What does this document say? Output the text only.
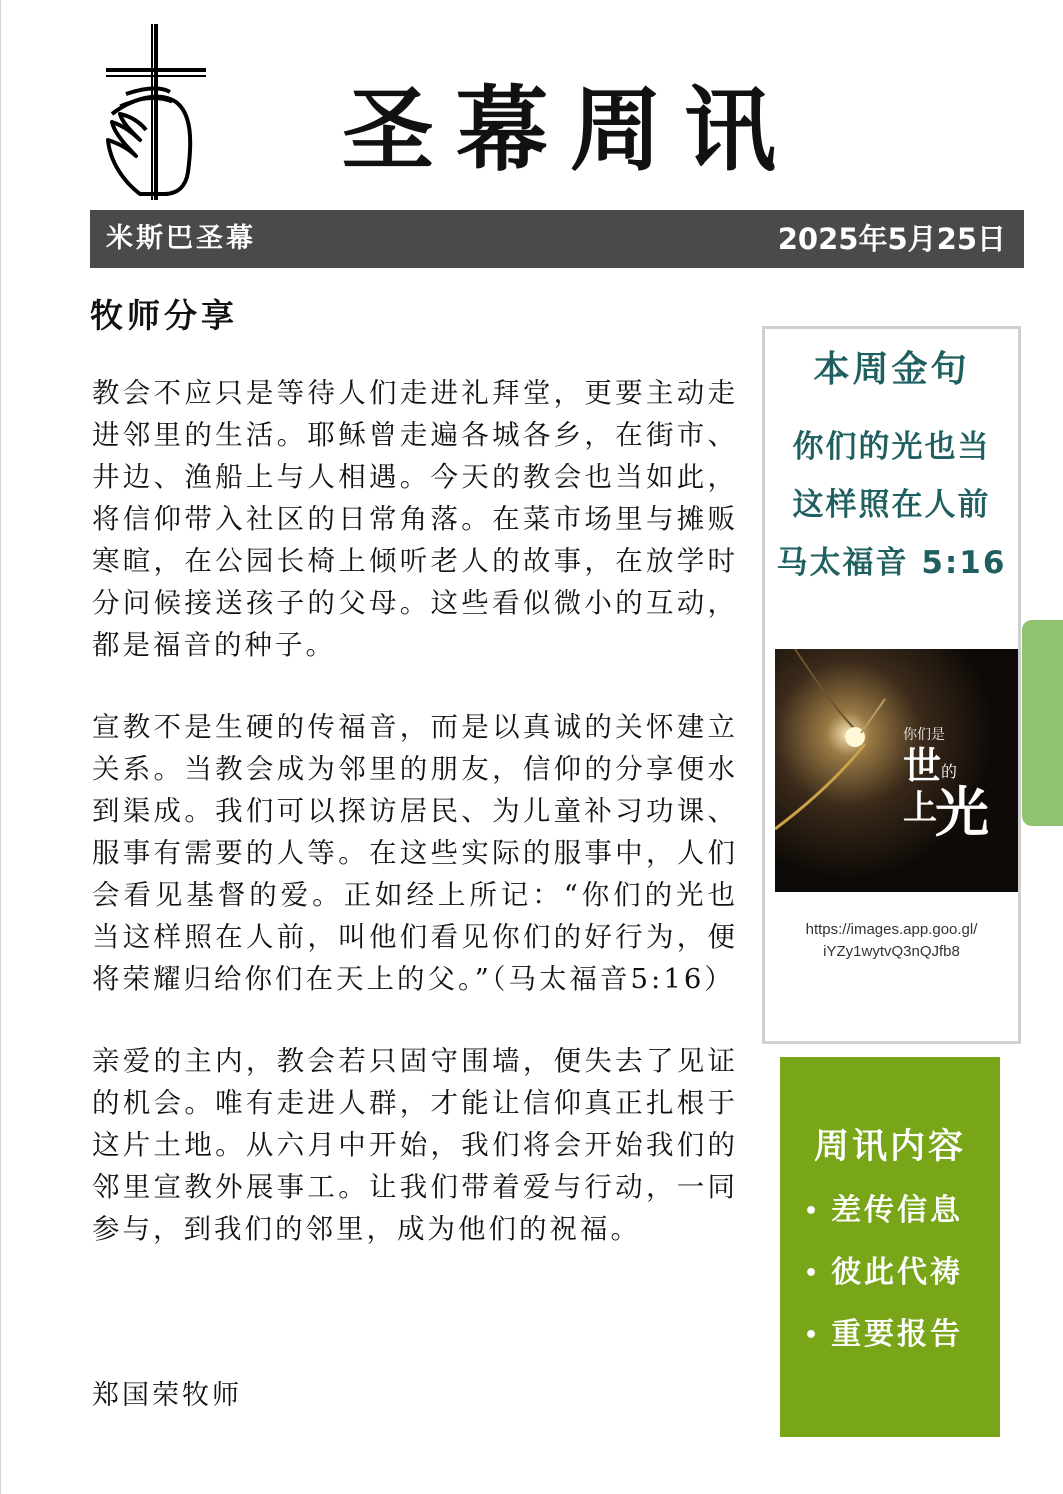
圣幕周讯
米斯巴圣幕	2025年5月25日
牧师分享

教会不应只是等待人们走进礼拜堂，更要主动走进邻里的生活。耶稣曾走遍各城各乡，在街市、井边、渔船上与人相遇。今天的教会也当如此，将信仰带入社区的日常角落。在菜市场里与摊贩寒暄，在公园长椅上倾听老人的故事，在放学时分问候接送孩子的父母。这些看似微小的互动，都是福音的种子。

宣教不是生硬的传福音，而是以真诚的关怀建立关系。当教会成为邻里的朋友，信仰的分享便水到渠成。我们可以探访居民、为儿童补习功课、服事有需要的人等。在这些实际的服事中，人们会看见基督的爱。正如经上所记：“你们的光也当这样照在人前，叫他们看见你们的好行为，便将荣耀归给你们在天上的父。”（马太福音5:16）

亲爱的主内，教会若只固守围墙，便失去了见证的机会。唯有走进人群，才能让信仰真正扎根于这片土地。从六月中开始，我们将会开始我们的邻里宣教外展事工。让我们带着爱与行动，一同参与，到我们的邻里，成为他们的祝福。

郑国荣牧师
本周金句
你们的光也当
这样照在人前
马太福音 5:16
你们是
世 的
上
光
https://images.app.goo.gl/
iYZy1wytvQ3nQJfb8
周讯内容
• 差传信息
• 彼此代祷
• 重要报告
